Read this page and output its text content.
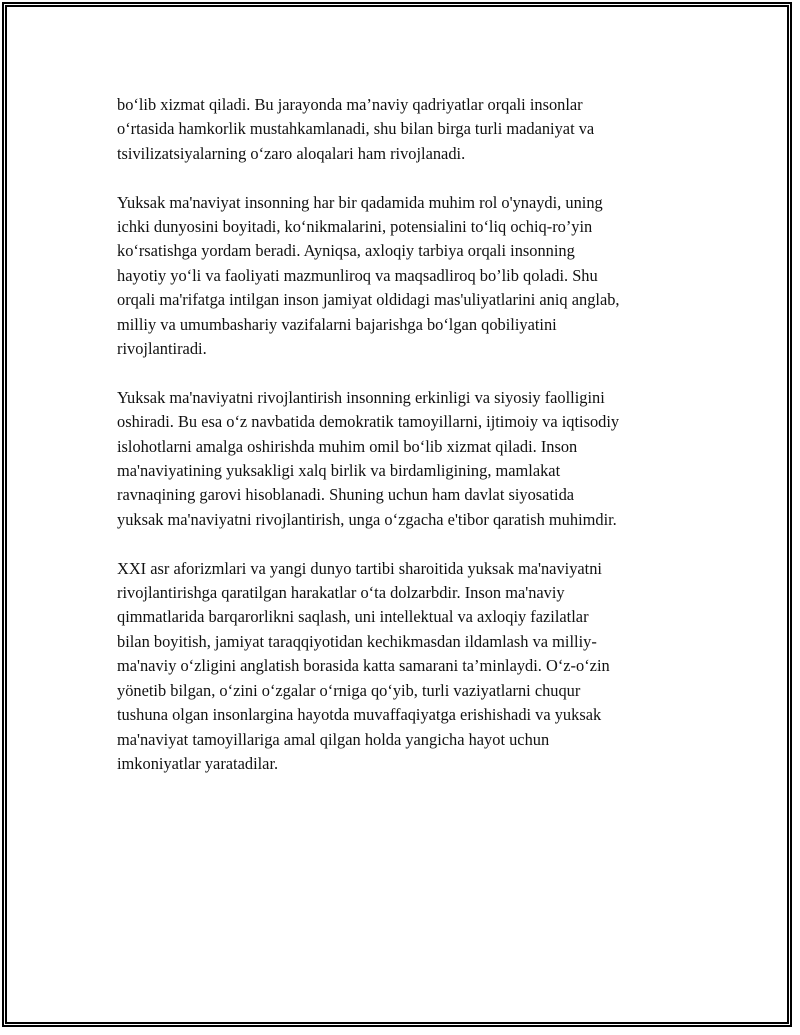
bo‘lib xizmat qiladi. Bu jarayonda ma’naviy qadriyatlar orqali insonlar
o‘rtasida hamkorlik mustahkamlanadi, shu bilan birga turli madaniyat va
tsivilizatsiyalarning o‘zaro aloqalari ham rivojlanadi.

Yuksak ma'naviyat insonning har bir qadamida muhim rol o'ynaydi, uning
ichki dunyosini boyitadi, ko‘nikmalarini, potensialini to‘liq ochiq-ro’yin
ko‘rsatishga yordam beradi. Ayniqsa, axloqiy tarbiya orqali insonning
hayotiy yo‘li va faoliyati mazmunliroq va maqsadliroq bo’lib qoladi. Shu
orqali ma'rifatga intilgan inson jamiyat oldidagi mas'uliyatlarini aniq anglab,
milliy va umumbashariy vazifalarni bajarishga bo‘lgan qobiliyatini
rivojlantiradi.

Yuksak ma'naviyatni rivojlantirish insonning erkinligi va siyosiy faolligini
oshiradi. Bu esa o‘z navbatida demokratik tamoyillarni, ijtimoiy va iqtisodiy
islohotlarni amalga oshirishda muhim omil bo‘lib xizmat qiladi. Inson
ma'naviyatining yuksakligi xalq birlik va birdamligining, mamlakat
ravnaqining garovi hisoblanadi. Shuning uchun ham davlat siyosatida
yuksak ma'naviyatni rivojlantirish, unga o‘zgacha e'tibor qaratish muhimdir.

XXI asr aforizmlari va yangi dunyo tartibi sharoitida yuksak ma'naviyatni
rivojlantirishga qaratilgan harakatlar o‘ta dolzarbdir. Inson ma'naviy
qimmatlarida barqarorlikni saqlash, uni intellektual va axloqiy fazilatlar
bilan boyitish, jamiyat taraqqiyotidan kechikmasdan ildamlash va milliy-
ma'naviy o‘zligini anglatish borasida katta samarani ta’minlaydi. O‘z-o‘zin
yönetib bilgan, o‘zini o‘zgalar o‘rniga qo‘yib, turli vaziyatlarni chuqur
tushuna olgan insonlargina hayotda muvaffaqiyatga erishishadi va yuksak
ma'naviyat tamoyillariga amal qilgan holda yangicha hayot uchun
imkoniyatlar yaratadilar.
